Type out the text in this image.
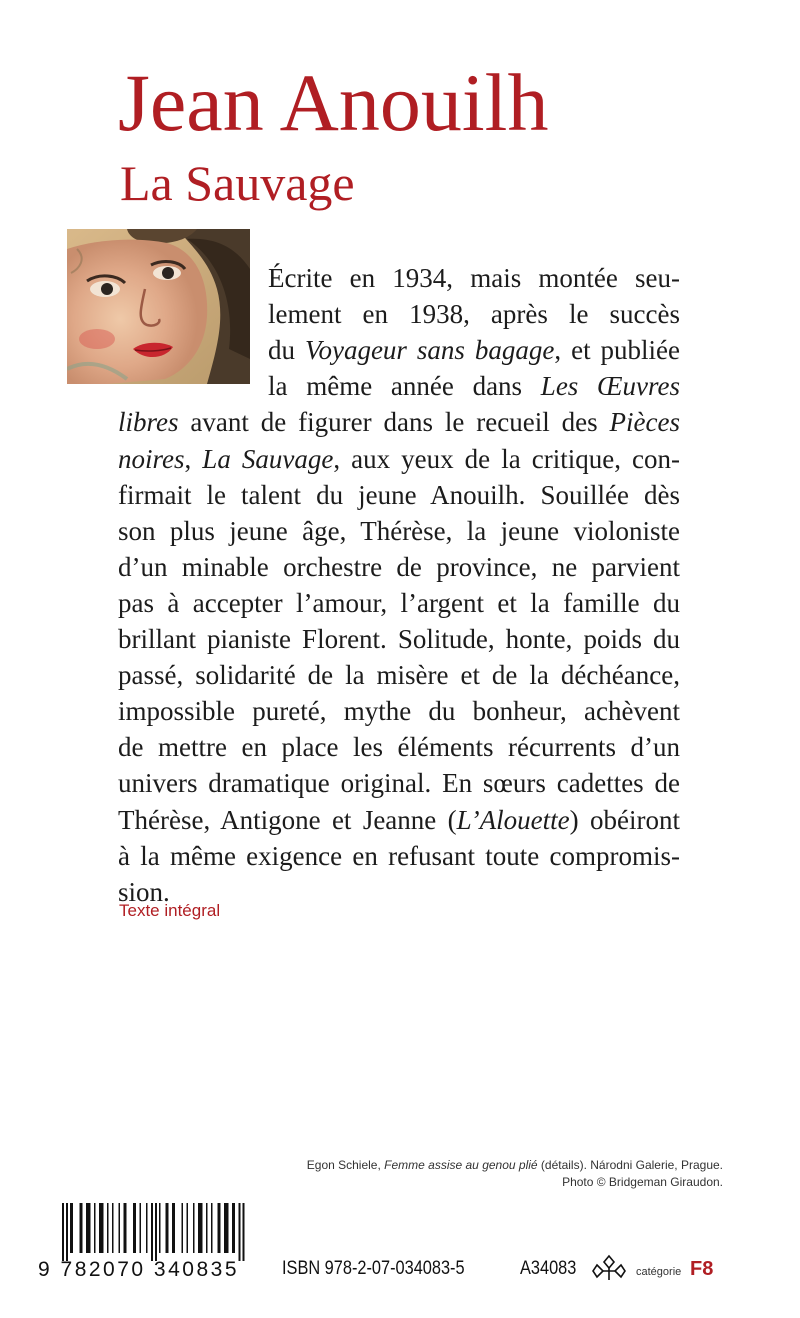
Jean Anouilh
La Sauvage
Écrite en 1934, mais montée seu-
lement en 1938, après le succès
du Voyageur sans bagage, et publiée
la même année dans Les Œuvres
libres avant de figurer dans le recueil des Pièces
noires, La Sauvage, aux yeux de la critique, con-
firmait le talent du jeune Anouilh. Souillée dès
son plus jeune âge, Thérèse, la jeune violoniste
d’un minable orchestre de province, ne parvient
pas à accepter l’amour, l’argent et la famille du
brillant pianiste Florent. Solitude, honte, poids du
passé, solidarité de la misère et de la déchéance,
impossible pureté, mythe du bonheur, achèvent
de mettre en place les éléments récurrents d’un
univers dramatique original. En sœurs cadettes de
Thérèse, Antigone et Jeanne (L’Alouette) obéiront
à la même exigence en refusant toute compromis-
sion.
Texte intégral
Egon Schiele, Femme assise au genou plié (détails). Národni Galerie, Prague.
Photo © Bridgeman Giraudon.
9 782070 340835 ISBN 978-2-07-034083-5	A34083	catégorie F8
